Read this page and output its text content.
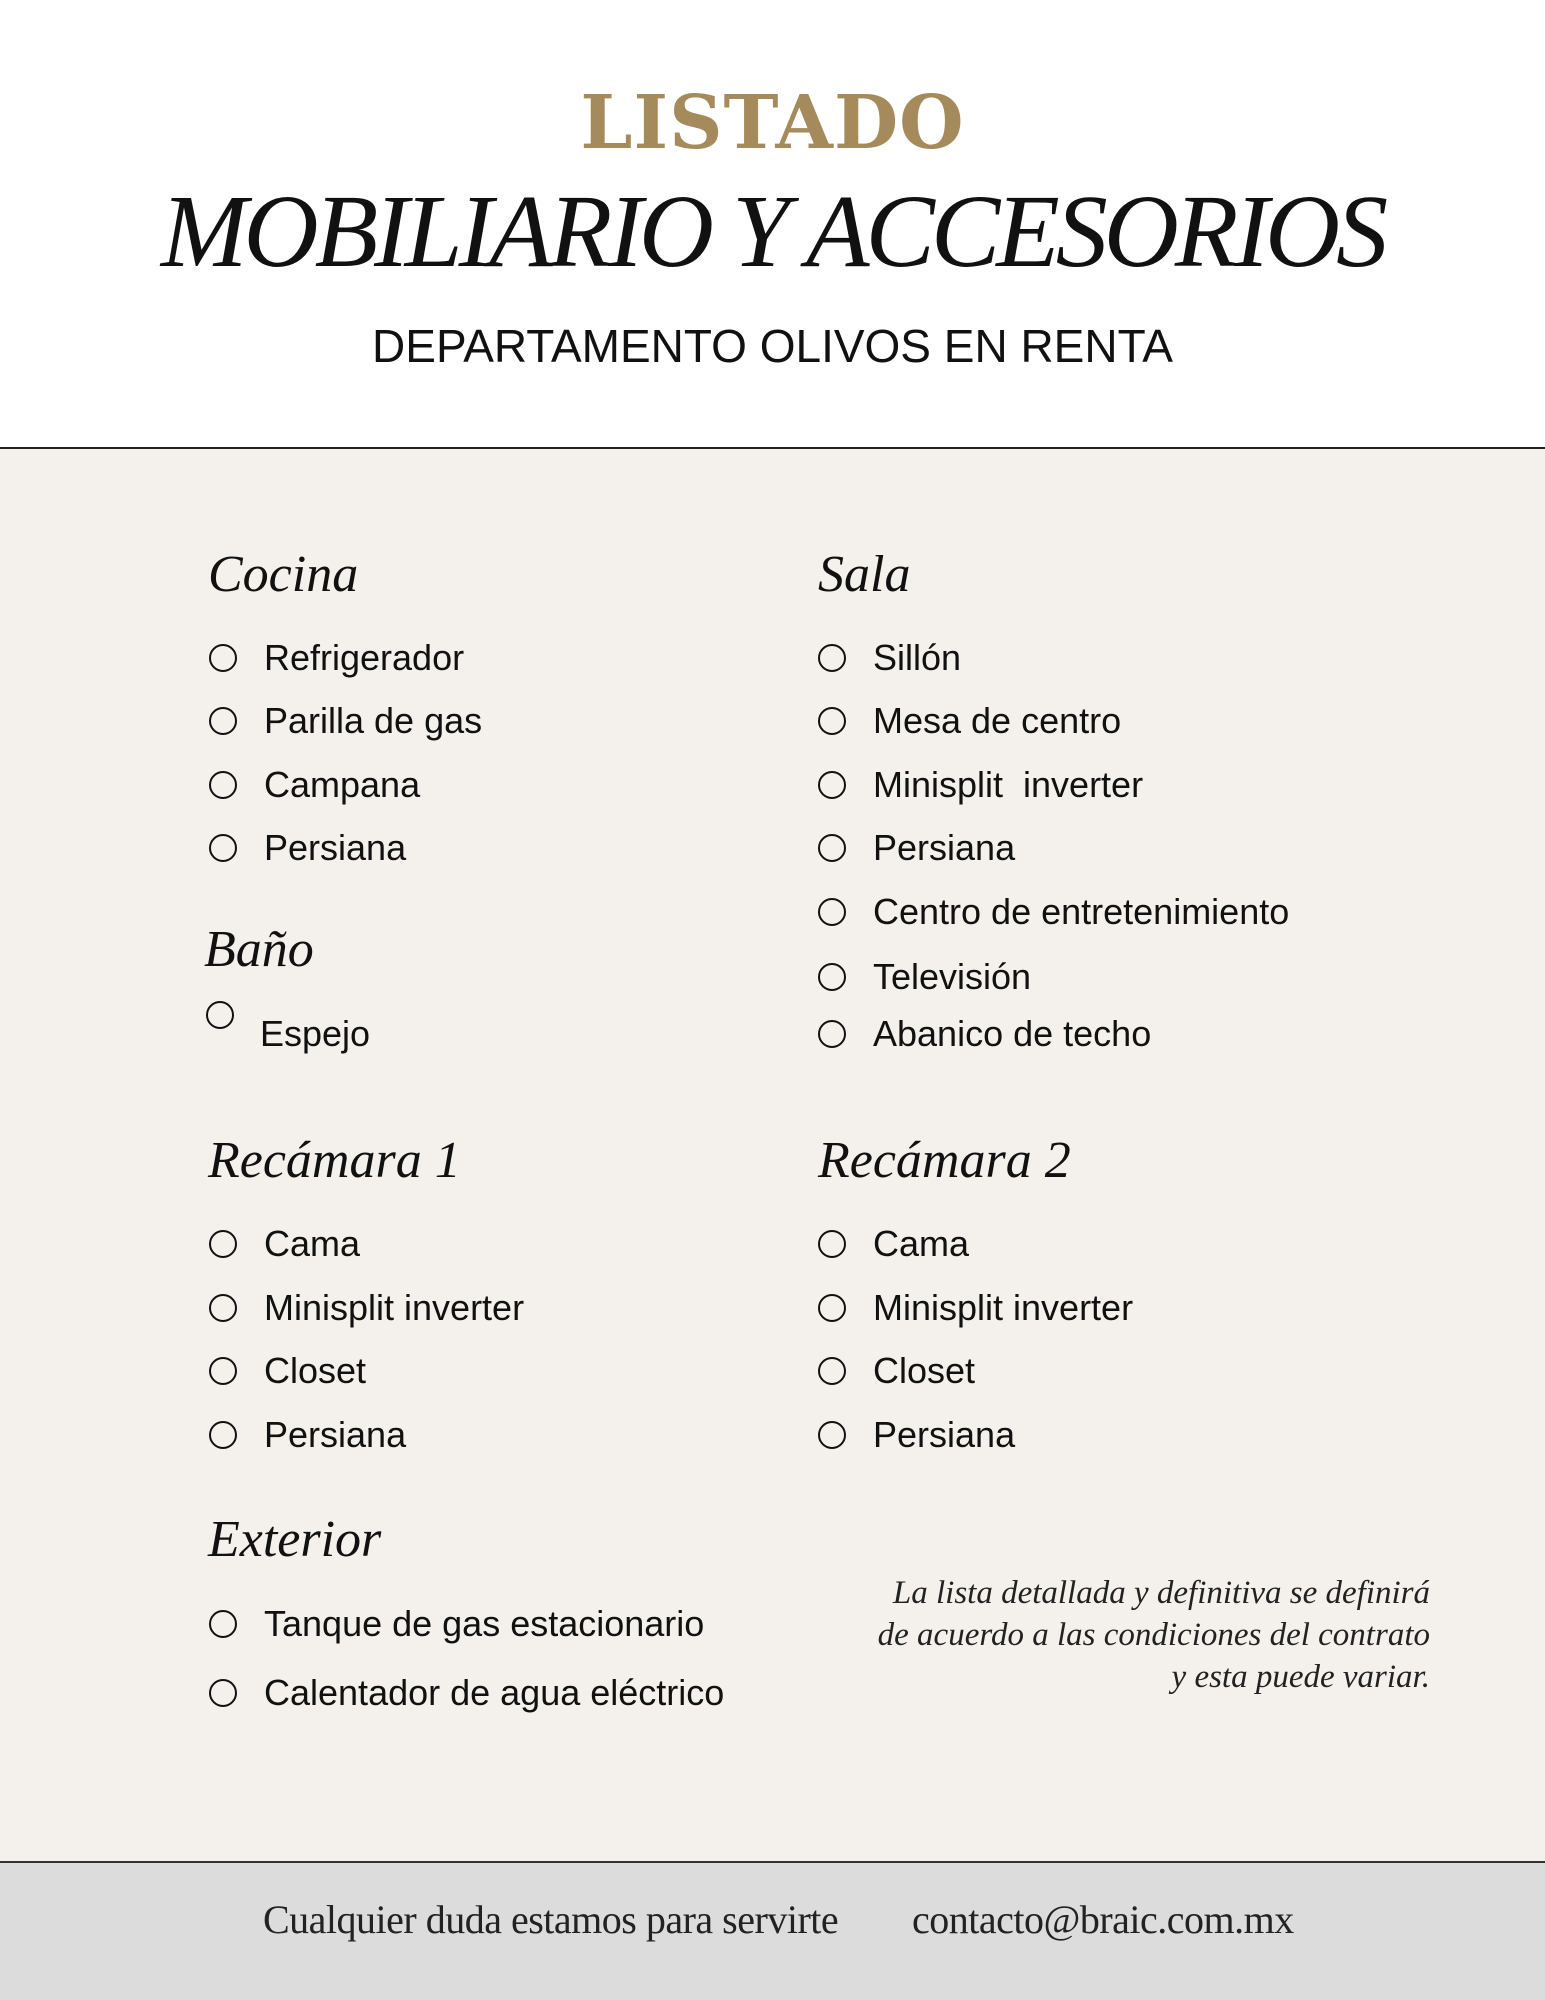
LISTADO
MOBILIARIO Y ACCESORIOS
DEPARTAMENTO OLIVOS EN RENTA
Cocina
Refrigerador
Parilla de gas
Campana
Persiana
Baño
Espejo
Sala
Sillón
Mesa de centro
Minisplit  inverter
Persiana
Centro de entretenimiento
Televisión
Abanico de techo
Recámara 1
Cama
Minisplit inverter
Closet
Persiana
Recámara 2
Cama
Minisplit inverter
Closet
Persiana
Exterior
Tanque de gas estacionario
Calentador de agua eléctrico
La lista detallada y definitiva se definirá
de acuerdo a las condiciones del contrato
y esta puede variar.
Cualquier duda estamos para servirte contacto@braic.com.mx
